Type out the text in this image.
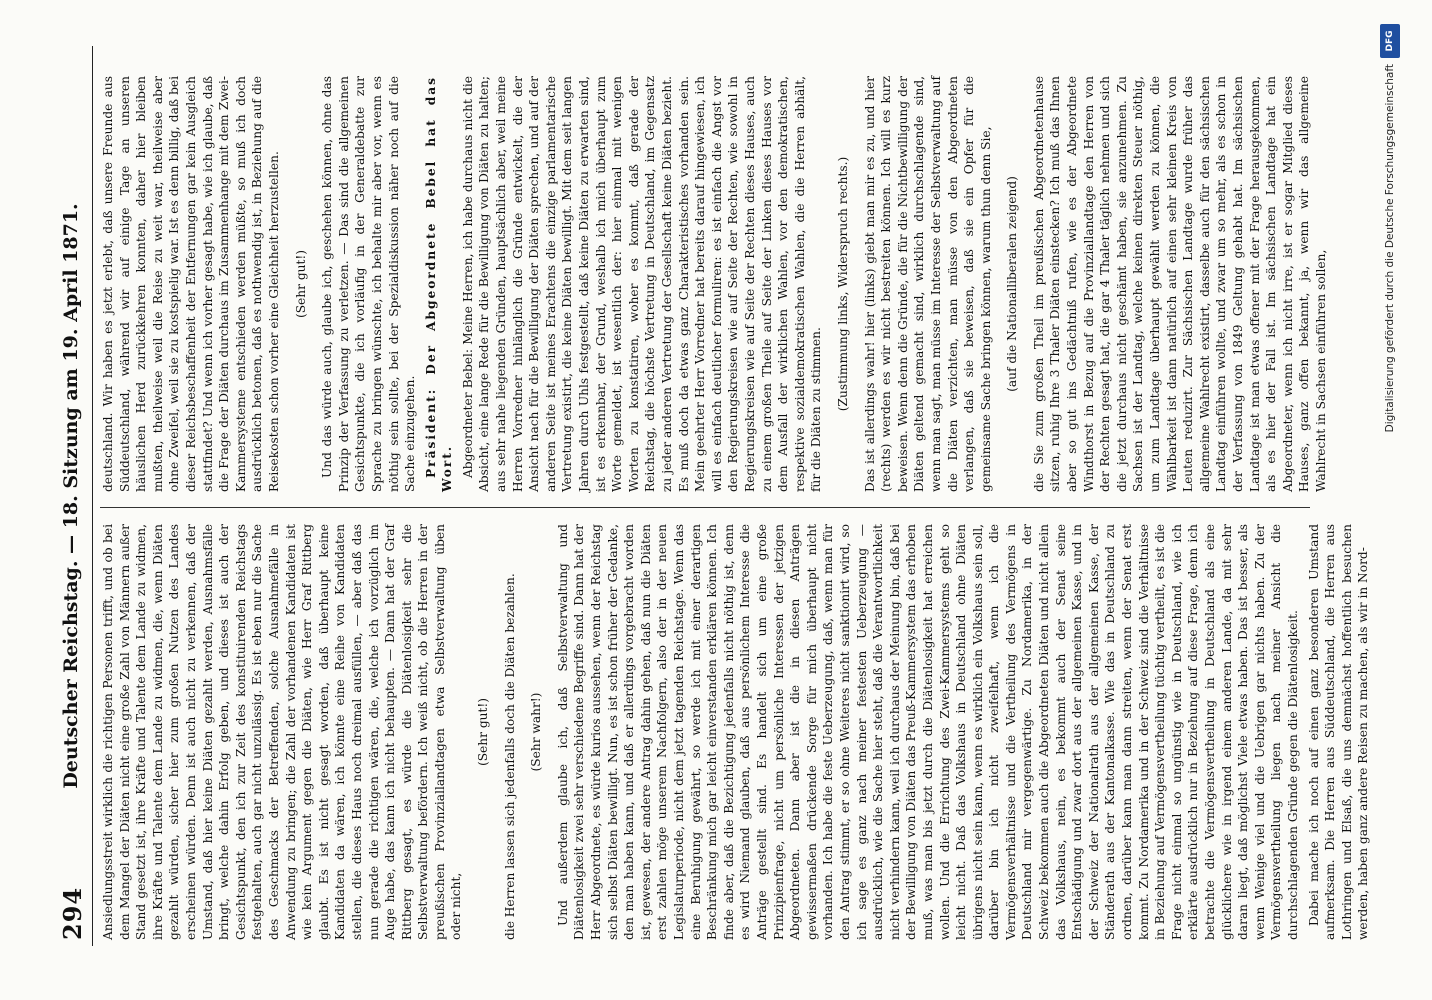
294
Deutscher Reichstag. — 18. Sitzung am 19. April 1871. Ansiedlungsstreit wirklich die richtigen Personen trifft, und ob bei dem Mangel der Diäten nicht eine große Zahl von Männern außer Stand gesetzt ist, ihre Kräfte und Talente dem Lande zu widmen, ihre Kräfte und Talente dem Lande zu widmen, die, wenn Diäten gezahlt würden, sicher hier zum großen Nutzen des Landes erscheinen würden. Denn ist auch nicht zu verkennen, daß der Umstand, daß hier keine Diäten gezahlt werden, Ausnahmsfälle bringt, welche dahin Erfolg geben, und dieses ist auch der Gesichtspunkt, den ich zur Zeit des konstituirenden Reichstags festgehalten, auch gar nicht unzulässig. Es ist eben nur die Sache des Geschmacks der Betreffenden, solche Ausnahmefälle in Anwendung zu bringen; die Zahl der vorhandenen Kandidaten ist wie kein Argument gegen die Diäten, wie Herr Graf Rittberg glaubt. Es ist nicht gesagt worden, daß überhaupt keine Kandidaten da wären, ich könnte eine Reihe von Kandidaten stellen, die dieses Haus noch dreimal ausfüllen, — aber daß das nun gerade die richtigen wären, die, welche ich vorzüglich im Auge habe, das kann ich nicht behaupten. — Dann hat der Graf Rittberg gesagt, es würde die Diätenlosigkeit sehr die Selbstverwaltung befördern. Ich weiß nicht, ob die Herren in der preußischen Provinziallandtagen etwa Selbstverwaltung üben oder nicht,

(Sehr gut!) die Herren lassen sich jedenfalls doch die Diäten bezahlen. (Sehr wahr!) Und außerdem glaube ich, daß Selbstverwaltung und Diätenlosigkeit zwei sehr verschiedene Begriffe sind. Dann hat der Herr Abgeordnete, es würde kurios aussehen, wenn der Reichstag sich selbst Diäten bewilligt. Nun, es ist schon früher der Gedanke, den man haben kann, und daß er allerdings vorgebracht worden ist, gewesen, der andere Antrag dahin gehen, daß nun die Diäten erst zahlen möge unserem Nachfolgern, also der in der neuen Legislaturperiode, nicht dem jetzt tagenden Reichstage. Wenn das eine Beruhigung gewährt, so werde ich mit einer derartigen Beschränkung mich gar leicht einverstanden erklären können. Ich finde aber, daß die Bezichtigung jedenfalls nicht nöthig ist, denn es wird Niemand glauben, daß aus persönlichem Interesse die Anträge gestellt sind. Es handelt sich um eine große Prinzipienfrage, nicht um persönliche Interessen der jetzigen Abgeordneten. Dann aber ist die in diesen Anträgen gewissermaßen drückende Sorge für mich überhaupt nicht vorhanden. Ich habe die feste Ueberzeugung, daß, wenn man für den Antrag stimmt, er so ohne Weiteres nicht sanktionirt wird, so ich sage es ganz nach meiner festesten Ueberzeugung — ausdrücklich, wie die Sache hier steht, daß die Verantwortlichkeit nicht verhindern kann, weil ich durchaus der Meinung bin, daß bei der Bewilligung von Diäten das Preuß-Kammersystem das erhoben muß, was man bis jetzt durch die Diätenlosigkeit hat erreichen wollen. Und die Errichtung des Zwei-Kammersystems geht so leicht nicht. Daß das Volkshaus in Deutschland ohne Diäten übrigens nicht sein kann, wenn es wirklich ein Volkshaus sein soll, darüber bin ich nicht zweifelhaft, wenn ich die Vermögensverhältnisse und die Vertheilung des Vermögens in Deutschland mir vergegenwärtige. Zu Nordamerika, in der Schweiz bekommen auch die Abgeordneten Diäten und nicht allein das Volkshaus, nein, es bekommt auch der Senat seine Entschädigung und zwar dort aus der allgemeinen Kasse, und in der Schweiz der Nationalrath aus der allgemeinen Kasse, der Ständerath aus der Kantonalkasse. Wie das in Deutschland zu ordnen, darüber kann man dann streiten, wenn der Senat erst kommt. Zu Nordamerika und in der Schweiz sind die Verhältnisse in Beziehung auf Vermögensvertheilung tüchtig vertheilt, es ist die Frage nicht einmal so ungünstig wie in Deutschland, wie ich erklärte ausdrücklich nur in Beziehung auf diese Frage, denn ich betrachte die Vermögensvertheilung in Deutschland als eine glücklichere wie in irgend einem anderen Lande, da mit sehr daran liegt, daß möglichst Viele etwas haben. Das ist besser, als wenn Wenige viel und die Uebrigen gar nichts haben. Zu der Vermögensvertheilung liegen nach meiner Ansicht die durchschlagenden Gründe gegen die Diätenlosigkeit. Dabei mache ich noch auf einen ganz besonderen Umstand aufmerksam. Die Herren aus Süddeutschland, die Herren aus Lothringen und Elsaß, die uns demnächst hoffentlich besuchen werden, haben ganz andere Reisen zu machen, als wir in Nord-

deutschland. Wir haben es jetzt erlebt, daß unsere Freunde aus Süddeutschland, während wir auf einige Tage an unseren häuslichen Herd zurückkehren konnten, daher hier bleiben mußten, theilweise weil die Reise zu weit war, theilweise aber ohne Zweifel, weil sie zu kostspielig war. Ist es denn billig, daß bei dieser Reichsbeschaffenheit der Entfernungen gar kein Ausgleich stattfindet? Und wenn ich vorher gesagt habe, wie ich glaube, daß die Frage der Diäten durchaus im Zusammenhange mit dem Zwei-Kammersysteme entschieden werden müßte, so muß ich doch ausdrücklich betonen, daß es nothwendig ist, in Beziehung auf die Reisekosten schon vorher eine Gleichheit herzustellen. (Sehr gut!) Und das würde auch, glaube ich, geschehen können, ohne das Prinzip der Verfassung zu verletzen. — Das sind die allgemeinen Gesichtspunkte, die ich vorläufig in der Generaldebatte zur Sprache zu bringen wünschte, ich behalte mir aber vor, wenn es nöthig sein sollte, bei der Spezialdiskussion näher noch auf die Sache einzugehen. Präsident: Der Abgeordnete Bebel hat das Wort. Abgeordneter Bebel: Meine Herren, ich habe durchaus nicht die Absicht, eine lange Rede für die Bewilligung von Diäten zu halten; aus sehr nahe liegenden Gründen, hauptsächlich aber, weil meine Herren Vorredner hinlänglich die Gründe entwickelt, die der Ansicht nach für die Bewilligung der Diäten sprechen, und auf der anderen Seite ist meines Erachtens die einzige parlamentarische Vertretung existirt, die keine Diäten bewilligt. Mit dem seit langen Jahren durch Uhls festgestellt, daß keine Diäten zu erwarten sind, ist es erkennbar, der Grund, weshalb ich mich überhaupt zum Worte gemeldet, ist wesentlich der: hier einmal mit wenigen Worten zu konstatiren, woher es kommt, daß gerade der Reichstag, die höchste Vertretung in Deutschland, im Gegensatz zu jeder anderen Vertretung der Gesellschaft keine Diäten bezieht. Es muß doch da etwas ganz Charakteristisches vorhanden sein. Mein geehrter Herr Vorredner hat bereits darauf hingewiesen, ich will es einfach deutlicher formuliren: es ist einfach die Angst vor den Regierungskreisen wie auf Seite der Rechten, wie sowohl in Regierungskreisen wie auf Seite der Rechten dieses Hauses, auch zu einem großen Theile auf Seite der Linken dieses Hauses vor dem Ausfall der wirklichen Wahlen, vor den demokratischen, respektive sozialdemokratischen Wahlen, die die Herren abhält, für die Diäten zu stimmen. (Zustimmung links, Widerspruch rechts.) Das ist allerdings wahr! hier (links) giebt man mir es zu, und hier (rechts) werden es wir nicht bestreiten können. Ich will es kurz beweisen. Wenn denn die Gründe, die für die Nichtbewilligung der Diäten geltend gemacht sind, wirklich durchschlagende sind, wenn man sagt, man müsse im Interesse der Selbstverwaltung auf die Diäten verzichten, man müsse von den Abgeordneten verlangen, daß sie beweisen, daß sie ein Opfer für die gemeinsame Sache bringen können, warum thun denn Sie, (auf die Nationalliberalen zeigend) die Sie zum großen Theil im preußischen Abgeordnetenhause sitzen, ruhig Ihre 3 Thaler Diäten einstecken? Ich muß das Ihnen aber so gut ins Gedächtniß rufen, wie es der Abgeordnete Windthorst in Bezug auf die Provinziallandtage den Herren von der Rechten gesagt hat, die gar 4 Thaler täglich nehmen und sich die jetzt durchaus nicht geschämt haben, sie anzunehmen. Zu Sachsen ist der Landtag, welche keinen direkten Steuer nöthig, um zum Landtage überhaupt gewählt werden zu können, die Wählbarkeit ist dann natürlich auf einen sehr kleinen Kreis von Leuten reduzirt. Zur Sächsischen Landtage wurde früher das allgemeine Wahlrecht existirt, dasselbe auch für den sächsischen Landtag einführen wollte, und zwar um so mehr, als es schon in der Verfassung von 1849 Geltung gehabt hat. Im sächsischen Landtage ist man etwas offener mit der Frage herausgekommen, als es hier der Fall ist. Im sächsischen Landtage hat ein Abgeordneter, wenn ich nicht irre, ist er sogar Mitglied dieses Hauses, ganz offen bekannt, ja, wenn wir das allgemeine Wahlrecht in Sachsen einführen sollen,	Digitalisierung gefördert durch die Deutsche Forschungsgemeinschaft
DFG
